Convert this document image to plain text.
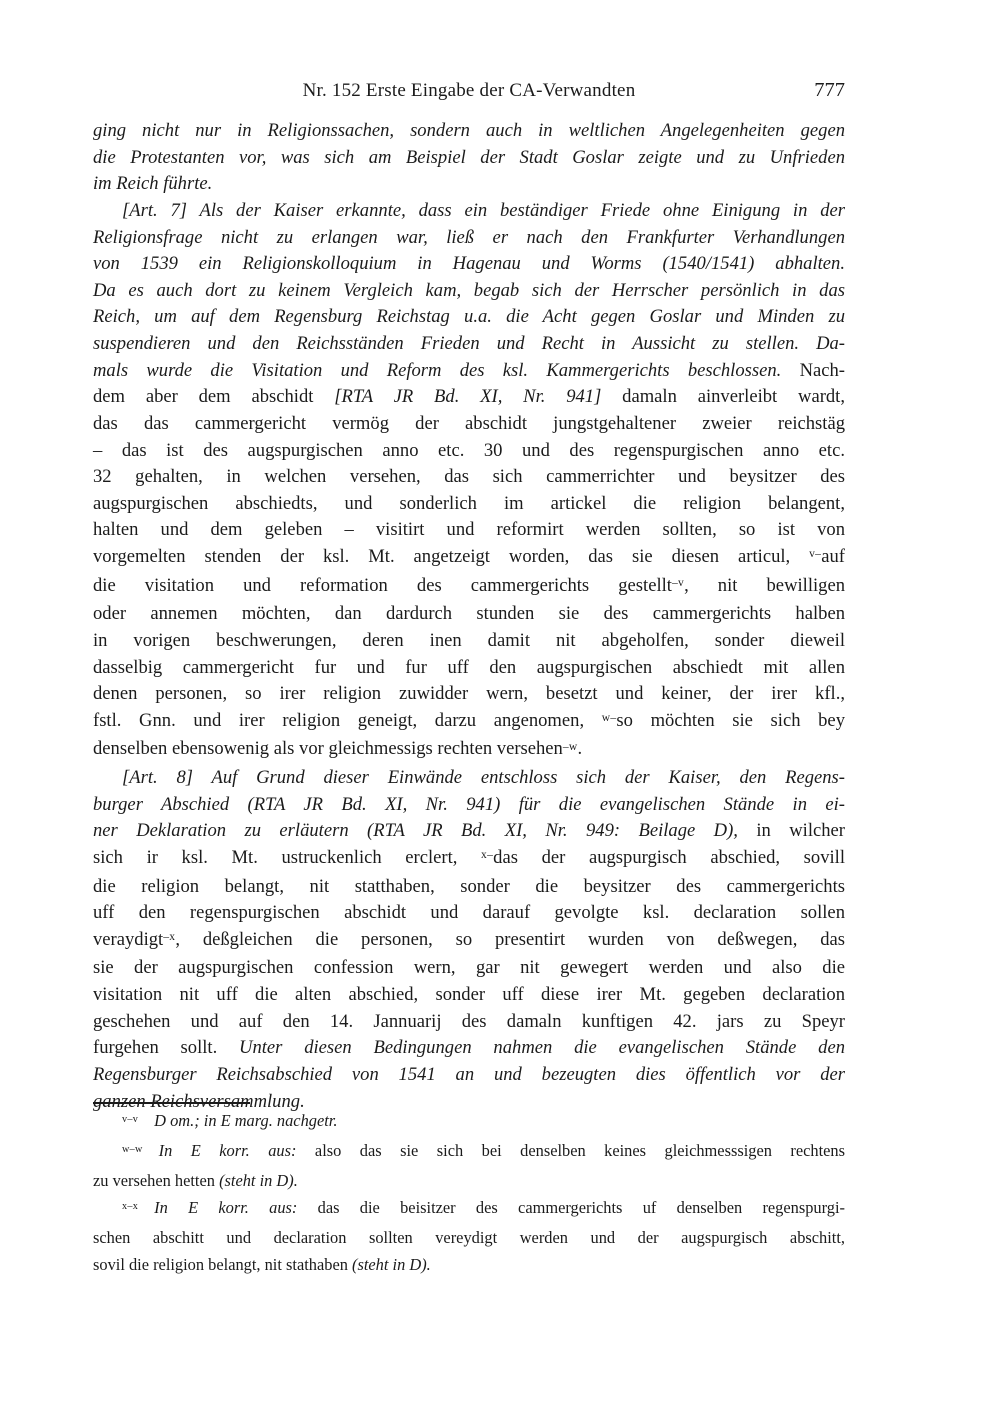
Nr. 152 Erste Eingabe der CA-Verwandten	777
ging nicht nur in Religionssachen, sondern auch in weltlichen Angelegenheiten gegen
die Protestanten vor, was sich am Beispiel der Stadt Goslar zeigte und zu Unfrieden
im Reich führte.
[Art. 7] Als der Kaiser erkannte, dass ein beständiger Friede ohne Einigung in der
Religionsfrage nicht zu erlangen war, ließ er nach den Frankfurter Verhandlungen
von 1539 ein Religionskolloquium in Hagenau und Worms (1540/1541) abhalten.
Da es auch dort zu keinem Vergleich kam, begab sich der Herrscher persönlich in das
Reich, um auf dem Regensburg Reichstag u.a. die Acht gegen Goslar und Minden zu
suspendieren und den Reichsständen Frieden und Recht in Aussicht zu stellen. Da-
mals wurde die Visitation und Reform des ksl. Kammergerichts beschlossen. Nach-
dem aber dem abschidt [RTA JR Bd. XI, Nr. 941] damaln ainverleibt wardt,
das das cammergericht vermög der abschidt jungstgehaltener zweier reichstäg
– das ist des augspurgischen anno etc. 30 und des regenspurgischen anno etc.
32 gehalten, in welchen versehen, das sich cammerrichter und beysitzer des
augspurgischen abschiedts, und sonderlich im artickel die religion belangent,
halten und dem geleben – visitirt und reformirt werden sollten, so ist von
vorgemelten stenden der ksl. Mt. angetzeigt worden, das sie diesen articul, $^{v-}$auf
die visitation und reformation des cammergerichts gestellt$^{-v}$, nit bewilligen
oder annemen möchten, dan dardurch stunden sie des cammergerichts halben
in vorigen beschwerungen, deren inen damit nit abgeholfen, sonder dieweil
dasselbig cammergericht fur und fur uff den augspurgischen abschiedt mit allen
denen personen, so irer religion zuwidder wern, besetzt und keiner, der irer kfl.,
fstl. Gnn. und irer religion geneigt, darzu angenomen, $^{w-}$so möchten sie sich bey
denselben ebensowenig als vor gleichmessigs rechten versehen$^{-w}$.
[Art. 8] Auf Grund dieser Einwände entschloss sich der Kaiser, den Regens-
burger Abschied (RTA JR Bd. XI, Nr. 941) für die evangelischen Stände in ei-
ner Deklaration zu erläutern (RTA JR Bd. XI, Nr. 949: Beilage D), in wilcher
sich ir ksl. Mt. ustruckenlich erclert, $^{x-}$das der augspurgisch abschied, sovill
die religion belangt, nit statthaben, sonder die beysitzer des cammergerichts
uff den regenspurgischen abschidt und darauf gevolgte ksl. declaration sollen
veraydigt$^{-x}$, deßgleichen die personen, so presentirt wurden von deßwegen, das
sie der augspurgischen confession wern, gar nit gewegert werden und also die
visitation nit uff die alten abschied, sonder uff diese irer Mt. gegeben declaration
geschehen und auf den 14. Jannuarij des damaln kunftigen 42. jars zu Speyr
furgehen sollt. Unter diesen Bedingungen nahmen die evangelischen Stände den
Regensburger Reichsabschied von 1541 an und bezeugten dies öffentlich vor der
ganzen Reichsversammlung.
$^{v-v}$ D om.; in E marg. nachgetr.
$^{w-w}$ In E korr. aus: also das sie sich bei denselben keines gleichmesssigen rechtens
zu versehen hetten (steht in D).
$^{x-x}$ In E korr. aus: das die beisitzer des cammergerichts uf denselben regenspurgi-
schen abschitt und declaration sollten vereydigt werden und der augspurgisch abschitt,
sovil die religion belangt, nit stathaben (steht in D).
